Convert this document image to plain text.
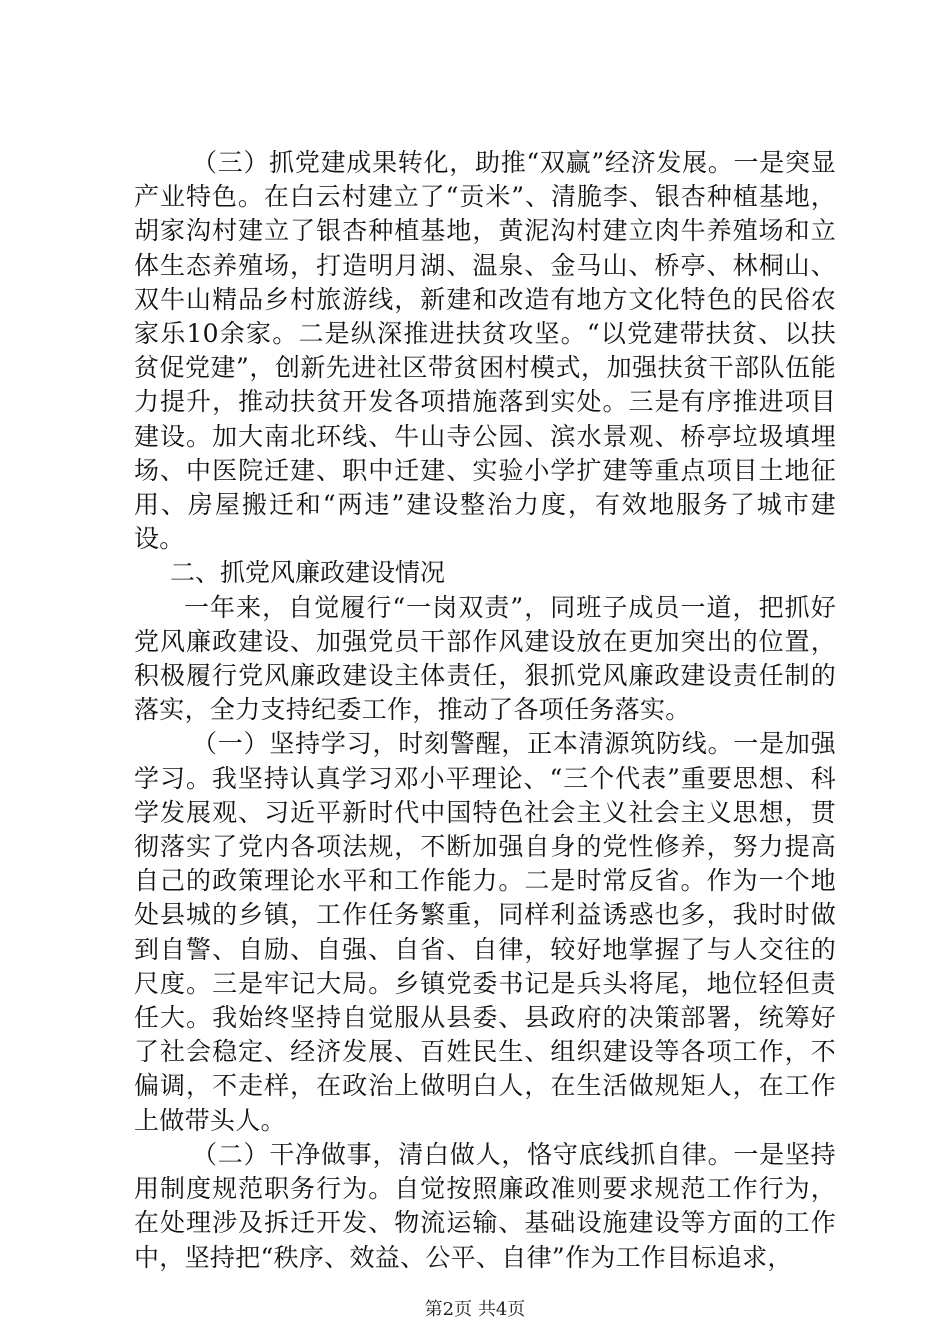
（三）抓党建成果转化，助推“双赢”经济发展。一是突显产业特色。在白云村建立了“贡米”、清脆李、银杏种植基地，胡家沟村建立了银杏种植基地，黄泥沟村建立肉牛养殖场和立体生态养殖场，打造明月湖、温泉、金马山、桥亭、林桐山、双牛山精品乡村旅游线，新建和改造有地方文化特色的民俗农家乐10余家。二是纵深推进扶贫攻坚。“以党建带扶贫、以扶贫促党建”，创新先进社区带贫困村模式，加强扶贫干部队伍能力提升，推动扶贫开发各项措施落到实处。三是有序推进项目建设。加大南北环线、牛山寺公园、滨水景观、桥亭垃圾填埋场、中医院迁建、职中迁建、实验小学扩建等重点项目土地征用、房屋搬迁和“两违”建设整治力度，有效地服务了城市建设。

二、抓党风廉政建设情况

一年来，自觉履行“一岗双责”，同班子成员一道，把抓好党风廉政建设、加强党员干部作风建设放在更加突出的位置，积极履行党风廉政建设主体责任，狠抓党风廉政建设责任制的落实，全力支持纪委工作，推动了各项任务落实。

（一）坚持学习，时刻警醒，正本清源筑防线。一是加强学习。我坚持认真学习邓小平理论、“三个代表”重要思想、科学发展观、习近平新时代中国特色社会主义社会主义思想，贯彻落实了党内各项法规，不断加强自身的党性修养，努力提高自己的政策理论水平和工作能力。二是时常反省。作为一个地处县城的乡镇，工作任务繁重，同样利益诱惑也多，我时时做到自警、自励、自强、自省、自律，较好地掌握了与人交往的尺度。三是牢记大局。乡镇党委书记是兵头将尾，地位轻但责任大。我始终坚持自觉服从县委、县政府的决策部署，统筹好了社会稳定、经济发展、百姓民生、组织建设等各项工作，不偏调，不走样，在政治上做明白人，在生活做规矩人，在工作上做带头人。

（二）干净做事，清白做人，恪守底线抓自律。一是坚持用制度规范职务行为。自觉按照廉政准则要求规范工作行为，在处理涉及拆迁开发、物流运输、基础设施建设等方面的工作中，坚持把“秩序、效益、公平、自律”作为工作目标追求，

第2页 共4页
